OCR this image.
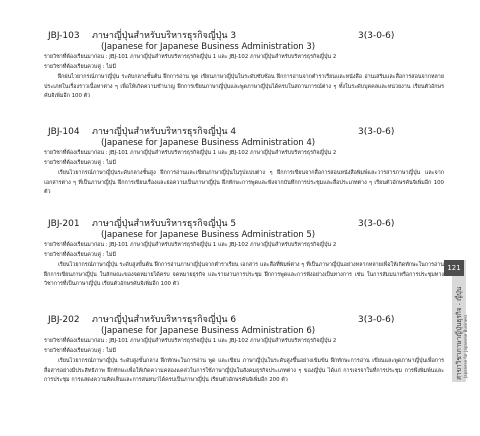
JBJ-103 ภาษาญี่ปุ่นสำหรับบริหารธุรกิจญี่ปุ่น 3	3(3-0-6)
(Japanese for Japanese Business Administration 3)
รายวิชาที่ต้องเรียนมาก่อน : JBJ-101 ภาษาญี่ปุ่นสำหรับบริหารธุรกิจญี่ปุ่น 1 และ JBJ-102 ภาษาญี่ปุ่นสำหรับบริหารธุรกิจญี่ปุ่น 2
รายวิชาที่ต้องเรียนควบคู่ : ไม่มี
ฝึกฝนไวยากรณ์ภาษาญี่ปุ่น ระดับกลางชั้นต้น ฝึกการอ่าน พูด เขียนภาษาญี่ปุ่นในระดับซับซ้อน ฝึกการอ่านจากตำราเรียนและหนังสือ อ่านเสริมและสื่อการสอนจากหลายประเภทในเรื่องราวเนื้อหาต่าง ๆ เพื่อให้เกิดความชำนาญ ฝึกการเขียนภาษาญี่ปุ่นและพูดภาษาญี่ปุ่นได้ครบในสถานการณ์ต่าง ๆ ทั้งในระดับบุคคลและหน่วยงาน เรียนตัวอักษรคันจิเพิ่มอีก 100 ตัว
JBJ-104 ภาษาญี่ปุ่นสำหรับบริหารธุรกิจญี่ปุ่น 4	3(3-0-6)
(Japanese for Japanese Business Administration 4)
รายวิชาที่ต้องเรียนมาก่อน : JBJ-101 ภาษาญี่ปุ่นสำหรับบริหารธุรกิจญี่ปุ่น 1 และ JBJ-102 ภาษาญี่ปุ่นสำหรับบริหารธุรกิจญี่ปุ่น 2
รายวิชาที่ต้องเรียนควบคู่ : ไม่มี
เรียนไวยากรณ์ภาษาญี่ปุ่นระดับกลางชั้นสูง ฝึกการอ่านและเขียนภาษาญี่ปุ่นในรูปแบบต่าง ๆ ฝึกการเขียนจากสื่อการสอนหนังสือพิมพ์และวารสารภาษาญี่ปุ่น และจากเอกสารต่าง ๆ ที่เป็นภาษาญี่ปุ่น ฝึกการเขียนเรื่องและย่อความเป็นภาษาญี่ปุ่น ฝึกทักษะการพูดและฟังจากบันทึกการประชุมและสื่อประเภทต่าง ๆ เรียนตัวอักษรคันจิเพิ่มอีก 100 ตัว
JBJ-201 ภาษาญี่ปุ่นสำหรับบริหารธุรกิจญี่ปุ่น 5	3(3-0-6)
(Japanese for Japanese Business Administration 5)
รายวิชาที่ต้องเรียนมาก่อน : JBJ-101 ภาษาญี่ปุ่นสำหรับบริหารธุรกิจญี่ปุ่น 1 และ JBJ-102 ภาษาญี่ปุ่นสำหรับบริหารธุรกิจญี่ปุ่น 2
รายวิชาที่ต้องเรียนควบคู่ : ไม่มี
เรียนไวยากรณ์ภาษาญี่ปุ่น ระดับสูงขั้นต้น ฝึกการอ่านภาษาญี่ปุ่นจากตำราเรียน เอกสาร และสื่อที่พิมพ์ต่าง ๆ ที่เป็นภาษาญี่ปุ่นอย่างหลากหลายเพื่อให้เกิดทักษะในการอ่าน ฝึกการเขียนภาษาญี่ปุ่น ในลักษณะของจดหมายได้ครบ จดหมายธุรกิจ และรายงานการประชุม ฝึกการพูดและการฟังอย่างเป็นทางการ เช่น ในการสัมมนาหรือการประชุมทางวิชาการที่เป็นภาษาญี่ปุ่น เรียนตัวอักษรคันจิเพิ่มอีก 100 ตัว
JBJ-202 ภาษาญี่ปุ่นสำหรับบริหารธุรกิจญี่ปุ่น 6	3(3-0-6)
(Japanese for Japanese Business Administration 6)
รายวิชาที่ต้องเรียนมาก่อน : JBJ-101 ภาษาญี่ปุ่นสำหรับบริหารธุรกิจญี่ปุ่น 1 และ JBJ-102 ภาษาญี่ปุ่นสำหรับบริหารธุรกิจญี่ปุ่น 2
รายวิชาที่ต้องเรียนควบคู่ : ไม่มี
เรียนไวยากรณ์ภาษาญี่ปุ่น ระดับสูงขั้นกลาง ฝึกทักษะในการอ่าน พูด และเขียน ภาษาญี่ปุ่นในระดับสูงขึ้นอย่างเข้มข้น ฝึกทักษะการอ่าน เขียนและพูดภาษาญี่ปุ่นเพื่อการสื่อสารอย่างมีประสิทธิภาพ ฝึกทักษะเพื่อให้เกิดความคล่องแคล่วในการใช้ภาษาญี่ปุ่นในสังคมธุรกิจประเภทต่าง ๆ ของญี่ปุ่น ได้แก่ การเจรจาในที่การประชุม การพึงพิมพ์นและการประชุม การแสดงความคิดเห็นและการสนทนาได้ครบเป็นภาษาญี่ปุ่น เรียนตัวอักษรคันจิเพิ่มอีก 200 ตัว
121
สาขาวิชาภาษาญี่ปุ่นธุรกิจ - ญี่ปุ่น Japanese for Japanese Business
